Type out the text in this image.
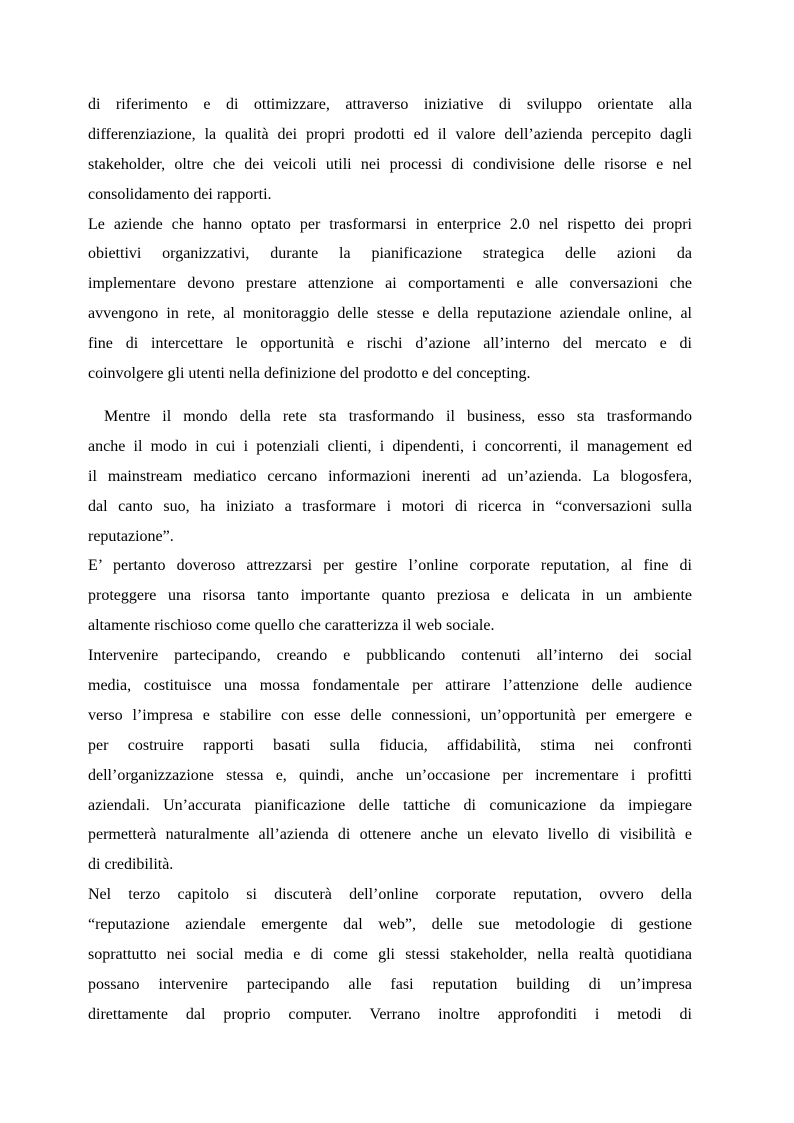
di riferimento e di ottimizzare, attraverso iniziative di sviluppo orientate alla
differenziazione, la qualità dei propri prodotti ed il valore dell’azienda percepito dagli
stakeholder, oltre che dei veicoli utili nei processi di condivisione delle risorse e nel
consolidamento dei rapporti.
Le aziende che hanno optato per trasformarsi in enterprice 2.0 nel rispetto dei propri
obiettivi organizzativi, durante la pianificazione strategica delle azioni da
implementare devono prestare attenzione ai comportamenti e alle conversazioni che
avvengono in rete, al monitoraggio delle stesse e della reputazione aziendale online, al
fine di intercettare le opportunità e rischi d’azione all’interno del mercato e di
coinvolgere gli utenti nella definizione del prodotto e del concepting.
Mentre il mondo della rete sta trasformando il business, esso sta trasformando
anche il modo in cui i potenziali clienti, i dipendenti, i concorrenti, il management ed
il mainstream mediatico cercano informazioni inerenti ad un’azienda. La blogosfera,
dal canto suo, ha iniziato a trasformare i motori di ricerca in “conversazioni sulla
reputazione”.
E’ pertanto doveroso attrezzarsi per gestire l’online corporate reputation, al fine di
proteggere una risorsa tanto importante quanto preziosa e delicata in un ambiente
altamente rischioso come quello che caratterizza il web sociale.
Intervenire partecipando, creando e pubblicando contenuti all’interno dei social
media, costituisce una mossa fondamentale per attirare l’attenzione delle audience
verso l’impresa e stabilire con esse delle connessioni, un’opportunità per emergere e
per costruire rapporti basati sulla fiducia, affidabilità, stima nei confronti
dell’organizzazione stessa e, quindi, anche un’occasione per incrementare i profitti
aziendali. Un’accurata pianificazione delle tattiche di comunicazione da impiegare
permetterà naturalmente all’azienda di ottenere anche un elevato livello di visibilità e
di credibilità.
Nel terzo capitolo si discuterà dell’online corporate reputation, ovvero della
“reputazione aziendale emergente dal web”, delle sue metodologie di gestione
soprattutto nei social media e di come gli stessi stakeholder, nella realtà quotidiana
possano intervenire partecipando alle fasi reputation building di un’impresa
direttamente dal proprio computer. Verrano inoltre approfonditi i metodi di
